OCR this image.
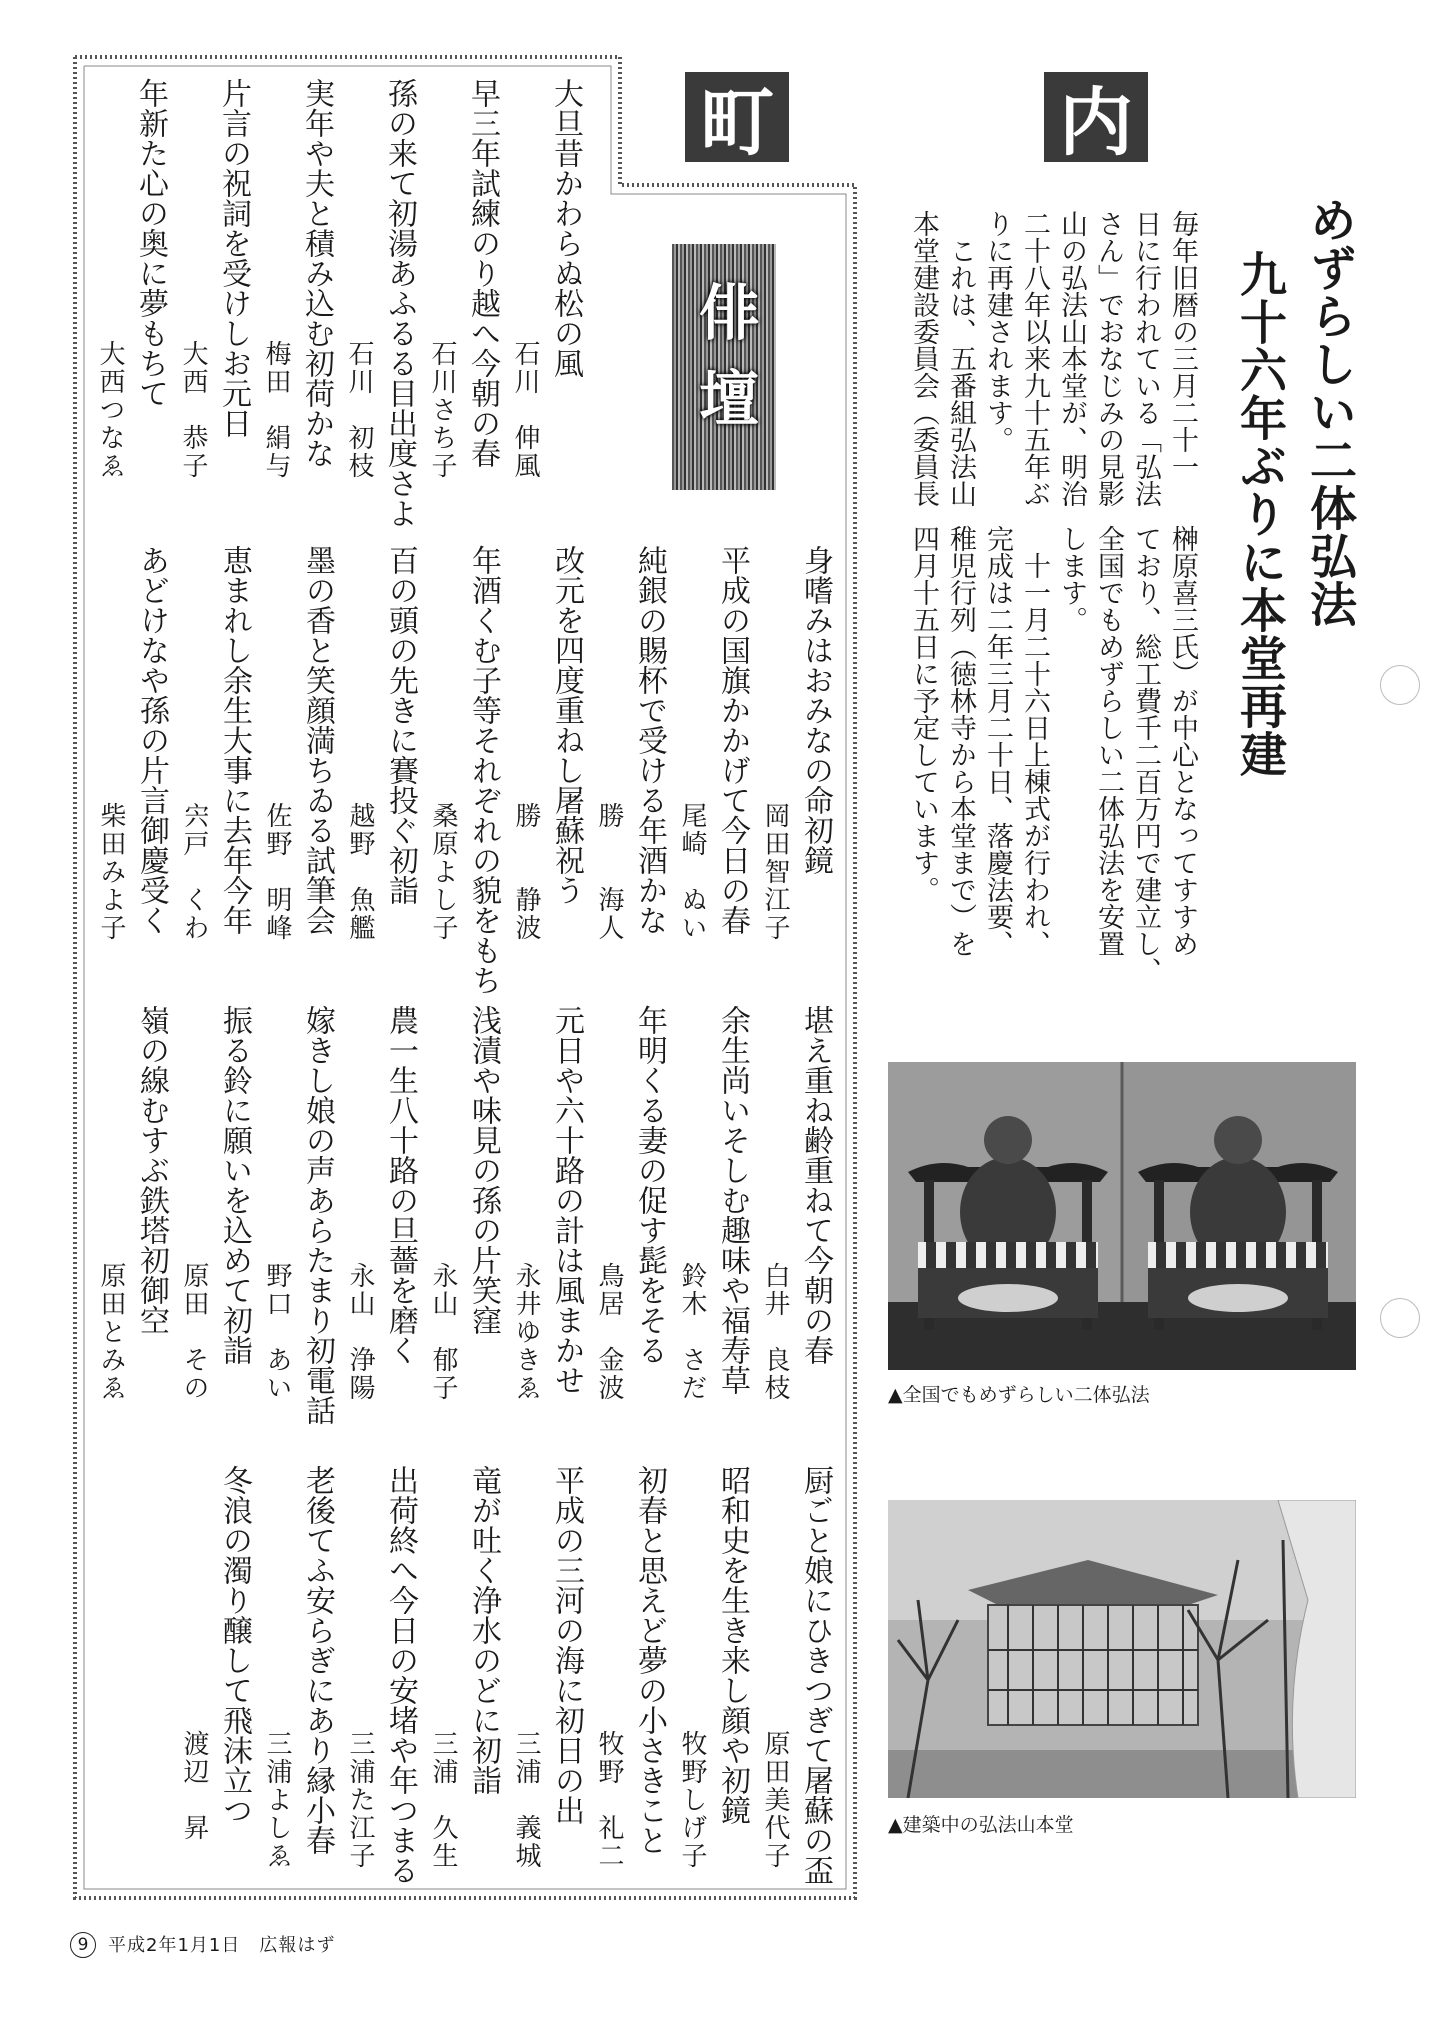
町	内
俳壇
大旦昔かわらぬ松の風
石川　伸風
早三年試練のり越へ今朝の春
石川さち子
孫の来て初湯あふるる目出度さよ
石川　初枝
実年や夫と積み込む初荷かな
梅田　絹与
片言の祝詞を受けしお元日
大西　恭子
年新た心の奥に夢もちて
大西つなゑ
身嗜みはおみなの命初鏡
岡田智江子
平成の国旗かかげて今日の春
尾崎　ぬい
純銀の賜杯で受ける年酒かな
勝　　海人
改元を四度重ねし屠蘇祝う
勝　　静波
年酒くむ子等それぞれの貌をもち
桑原よし子
百の頭の先きに賽投ぐ初詣
越野　魚艦
墨の香と笑顔満ちゐる試筆会
佐野　明峰
恵まれし余生大事に去年今年
宍戸　くわ
あどけなや孫の片言御慶受く
柴田みよ子
堪え重ね齢重ねて今朝の春
白井　良枝
余生尚いそしむ趣味や福寿草
鈴木　さだ
年明くる妻の促す髭をそる
鳥居　金波
元日や六十路の計は風まかせ
永井ゆきゑ
浅漬や味見の孫の片笑窪
永山　郁子
農一生八十路の旦薔を磨く
永山　浄陽
嫁きし娘の声あらたまり初電話
野口　あい
振る鈴に願いを込めて初詣
原田　その
嶺の線むすぶ鉄塔初御空
原田とみゑ
厨ごと娘にひきつぎて屠蘇の盃
原田美代子
昭和史を生き来し顔や初鏡
牧野しげ子
初春と思えど夢の小さきこと
牧野　礼二
平成の三河の海に初日の出
三浦　義城
竜が吐く浄水のどに初詣
三浦　久生
出荷終へ今日の安堵や年つまる
三浦た江子
老後てふ安らぎにあり縁小春
三浦よしゑ
冬浪の濁り醸して飛沫立つ
渡辺　昇
めずらしい二体弘法
九十六年ぶりに本堂再建
毎年旧暦の三月二十一
日に行われている「弘法
さん」でおなじみの見影
山の弘法山本堂が、明治
二十八年以来九十五年ぶ
りに再建されます。
　これは、五番組弘法山
本堂建設委員会（委員長
榊原喜三氏）が中心となってすすめ
ており、総工費千二百万円で建立し、
全国でもめずらしい二体弘法を安置
します。
　十一月二十六日上棟式が行われ、
完成は二年三月二十日、落慶法要、
稚児行列（徳林寺から本堂まで）を
四月十五日に予定しています。
▲全国でもめずらしい二体弘法
▲建築中の弘法山本堂
9	平成2年1月1日　広報はず
